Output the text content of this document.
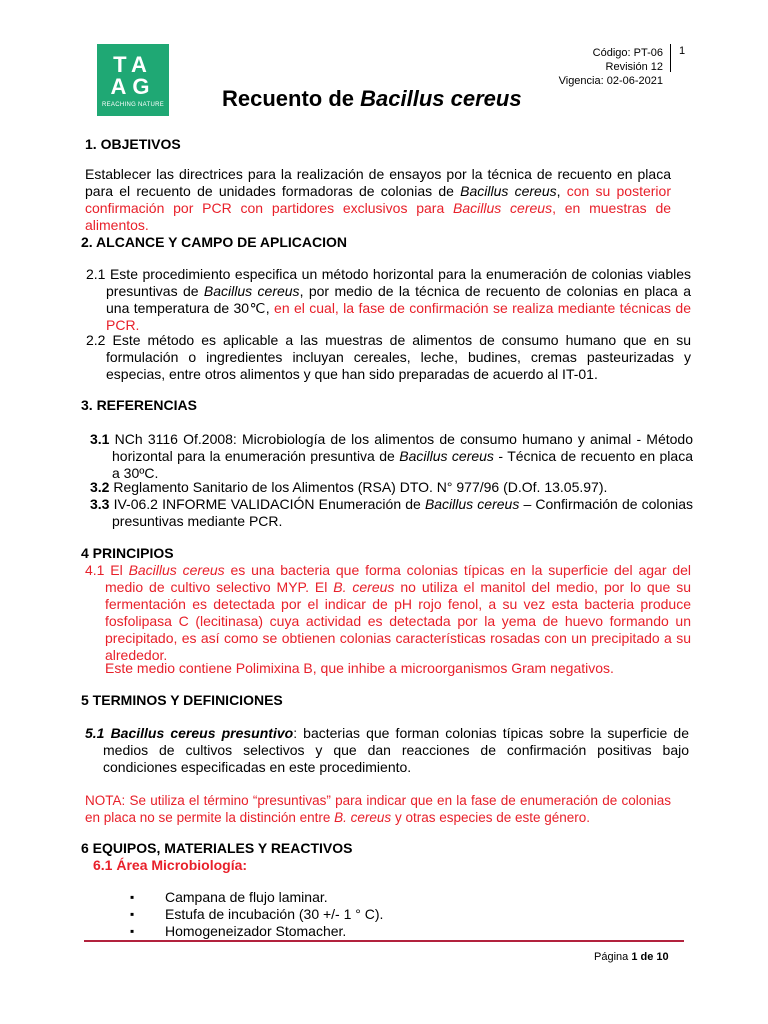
TA
AG
REACHING NATURE
Código: PT-06
Revisión 12
Vigencia: 02-06-2021
1
Recuento de Bacillus cereus
1. OBJETIVOS
Establecer las directrices para la realización de ensayos por la técnica de recuento en placa para el recuento de unidades formadoras de colonias de Bacillus cereus, con su posterior confirmación por PCR con partidores exclusivos para Bacillus cereus, en muestras de alimentos.
2. ALCANCE Y CAMPO DE APLICACION
2.1 Este procedimiento especifica un método horizontal para la enumeración de colonias viables presuntivas de Bacillus cereus, por medio de la técnica de recuento de colonias en placa a una temperatura de 30℃, en el cual, la fase de confirmación se realiza mediante técnicas de PCR.
2.2 Este método es aplicable a las muestras de alimentos de consumo humano que en su formulación o ingredientes incluyan cereales, leche, budines, cremas pasteurizadas y especias, entre otros alimentos y que han sido preparadas de acuerdo al IT-01.
3. REFERENCIAS
3.1 NCh 3116 Of.2008: Microbiología de los alimentos de consumo humano y animal - Método horizontal para la enumeración presuntiva de Bacillus cereus - Técnica de recuento en placa a 30ºC.
3.2 Reglamento Sanitario de los Alimentos (RSA) DTO. N° 977/96 (D.Of. 13.05.97).
3.3 IV-06.2 INFORME VALIDACIÓN Enumeración de Bacillus cereus – Confirmación de colonias presuntivas mediante PCR.
4 PRINCIPIOS
4.1 El Bacillus cereus es una bacteria que forma colonias típicas en la superficie del agar del medio de cultivo selectivo MYP. El B. cereus no utiliza el manitol del medio, por lo que su fermentación es detectada por el indicar de pH rojo fenol, a su vez esta bacteria produce fosfolipasa C (lecitinasa) cuya actividad es detectada por la yema de huevo formando un precipitado, es así como se obtienen colonias características rosadas con un precipitado a su alrededor.
Este medio contiene Polimixina B, que inhibe a microorganismos Gram negativos.
5 TERMINOS Y DEFINICIONES
5.1 Bacillus cereus presuntivo: bacterias que forman colonias típicas sobre la superficie de medios de cultivos selectivos y que dan reacciones de confirmación positivas bajo condiciones especificadas en este procedimiento.
NOTA: Se utiliza el término “presuntivas” para indicar que en la fase de enumeración de colonias en placa no se permite la distinción entre B. cereus y otras especies de este género.
6 EQUIPOS, MATERIALES Y REACTIVOS
6.1 Área Microbiología:
▪ Campana de flujo laminar.
▪ Estufa de incubación (30 +/- 1 ° C).
▪ Homogeneizador Stomacher.
Página 1 de 10
